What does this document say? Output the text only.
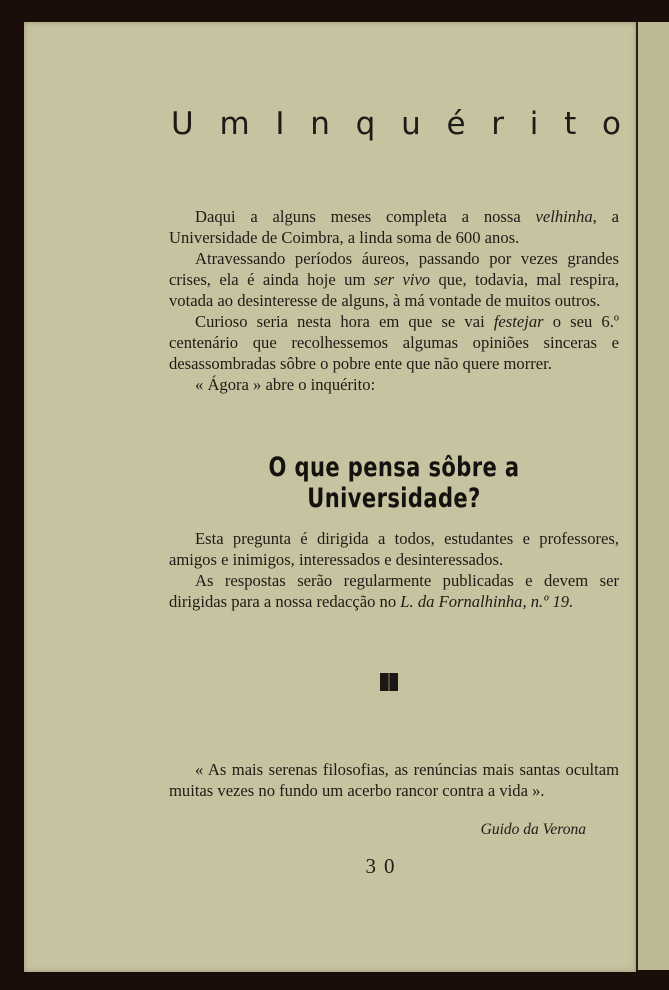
U m I n q u é r i t o

Daqui a alguns meses completa a nossa velhinha, a Universidade de Coimbra, a linda soma de 600 anos.

Atravessando períodos áureos, passando por vezes grandes crises, ela é ainda hoje um ser vivo que, todavia, mal respira, votada ao desinteresse de alguns, à má vontade de muitos outros.

Curioso seria nesta hora em que se vai festejar o seu 6.º centenário que recolhessemos algumas opiniões sinceras e desassombradas sôbre o pobre ente que não quere morrer.

« Ágora » abre o inquérito:

O que pensa sôbre a Universidade?

Esta pregunta é dirigida a todos, estudantes e professores, amigos e inimigos, interessados e desinteressados.

As respostas serão regularmente publicadas e devem ser dirigidas para a nossa redacção no L. da Fornalhinha, n.º 19.

« As mais serenas filosofias, as renúncias mais santas ocultam muitas vezes no fundo um acerbo rancor contra a vida ».

Guido da Verona
30
